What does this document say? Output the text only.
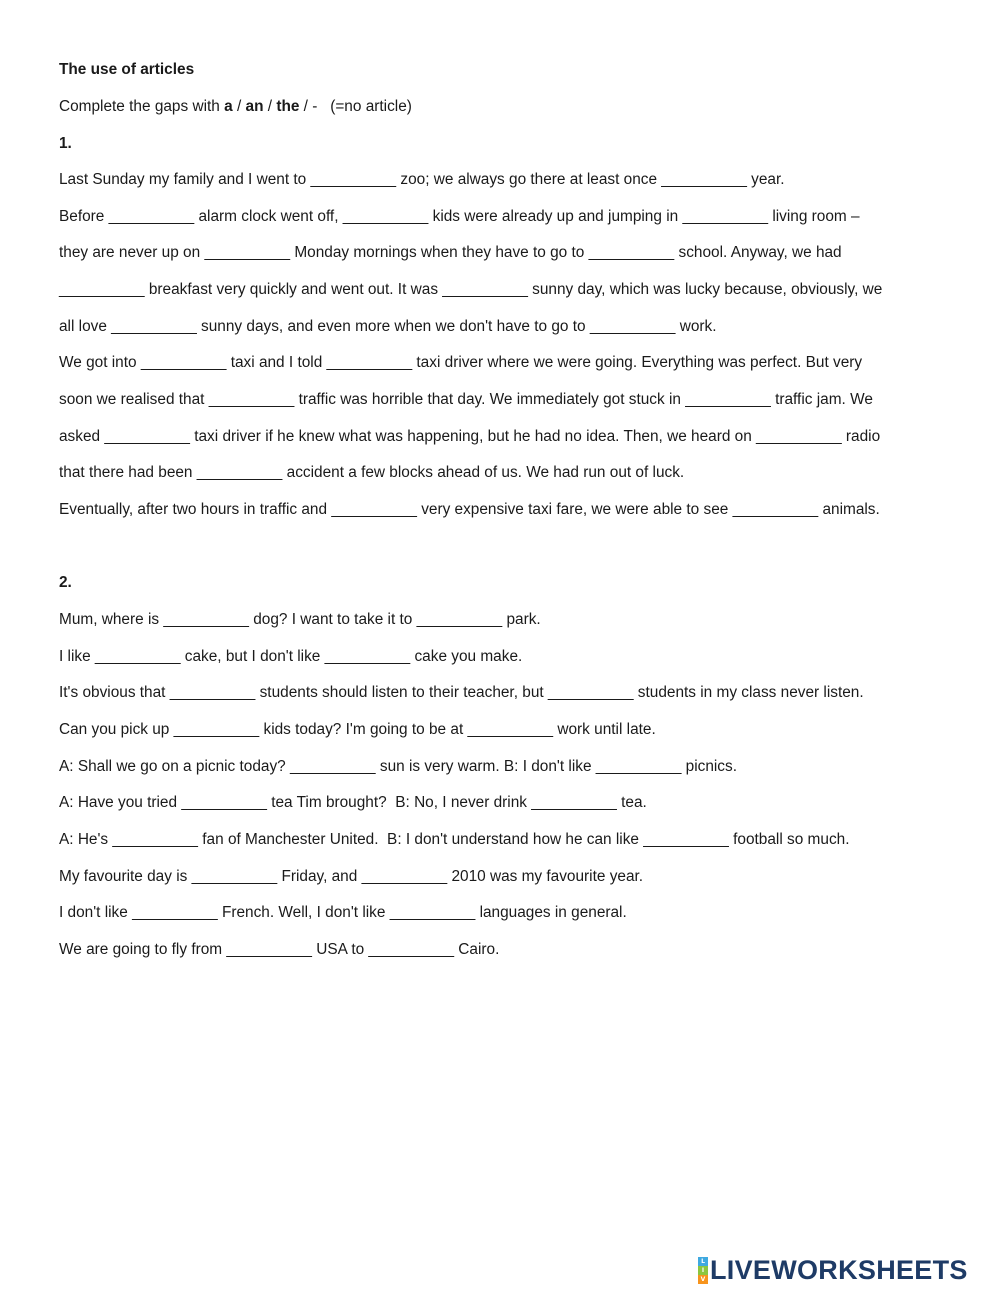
The use of articles
Complete the gaps with a / an / the / -   (=no article)
1.
Last Sunday my family and I went to __________ zoo; we always go there at least once __________ year.
Before __________ alarm clock went off, __________ kids were already up and jumping in __________ living room –
they are never up on __________ Monday mornings when they have to go to __________ school. Anyway, we had
__________ breakfast very quickly and went out. It was __________ sunny day, which was lucky because, obviously, we
all love __________ sunny days, and even more when we don't have to go to __________ work.
We got into __________ taxi and I told __________ taxi driver where we were going. Everything was perfect. But very
soon we realised that __________ traffic was horrible that day. We immediately got stuck in __________ traffic jam. We
asked __________ taxi driver if he knew what was happening, but he had no idea. Then, we heard on __________ radio
that there had been __________ accident a few blocks ahead of us. We had run out of luck.
Eventually, after two hours in traffic and __________ very expensive taxi fare, we were able to see __________ animals.
2.
Mum, where is __________ dog? I want to take it to __________ park.
I like __________ cake, but I don't like __________ cake you make.
It's obvious that __________ students should listen to their teacher, but __________ students in my class never listen.
Can you pick up __________ kids today? I'm going to be at __________ work until late.
A: Shall we go on a picnic today? __________ sun is very warm. B: I don't like __________ picnics.
A: Have you tried __________ tea Tim brought?  B: No, I never drink __________ tea.
A: He's __________ fan of Manchester United.  B: I don't understand how he can like __________ football so much.
My favourite day is __________ Friday, and __________ 2010 was my favourite year.
I don't like __________ French. Well, I don't like __________ languages in general.
We are going to fly from __________ USA to __________ Cairo.
L
I
V LIVEWORKSHEETS
